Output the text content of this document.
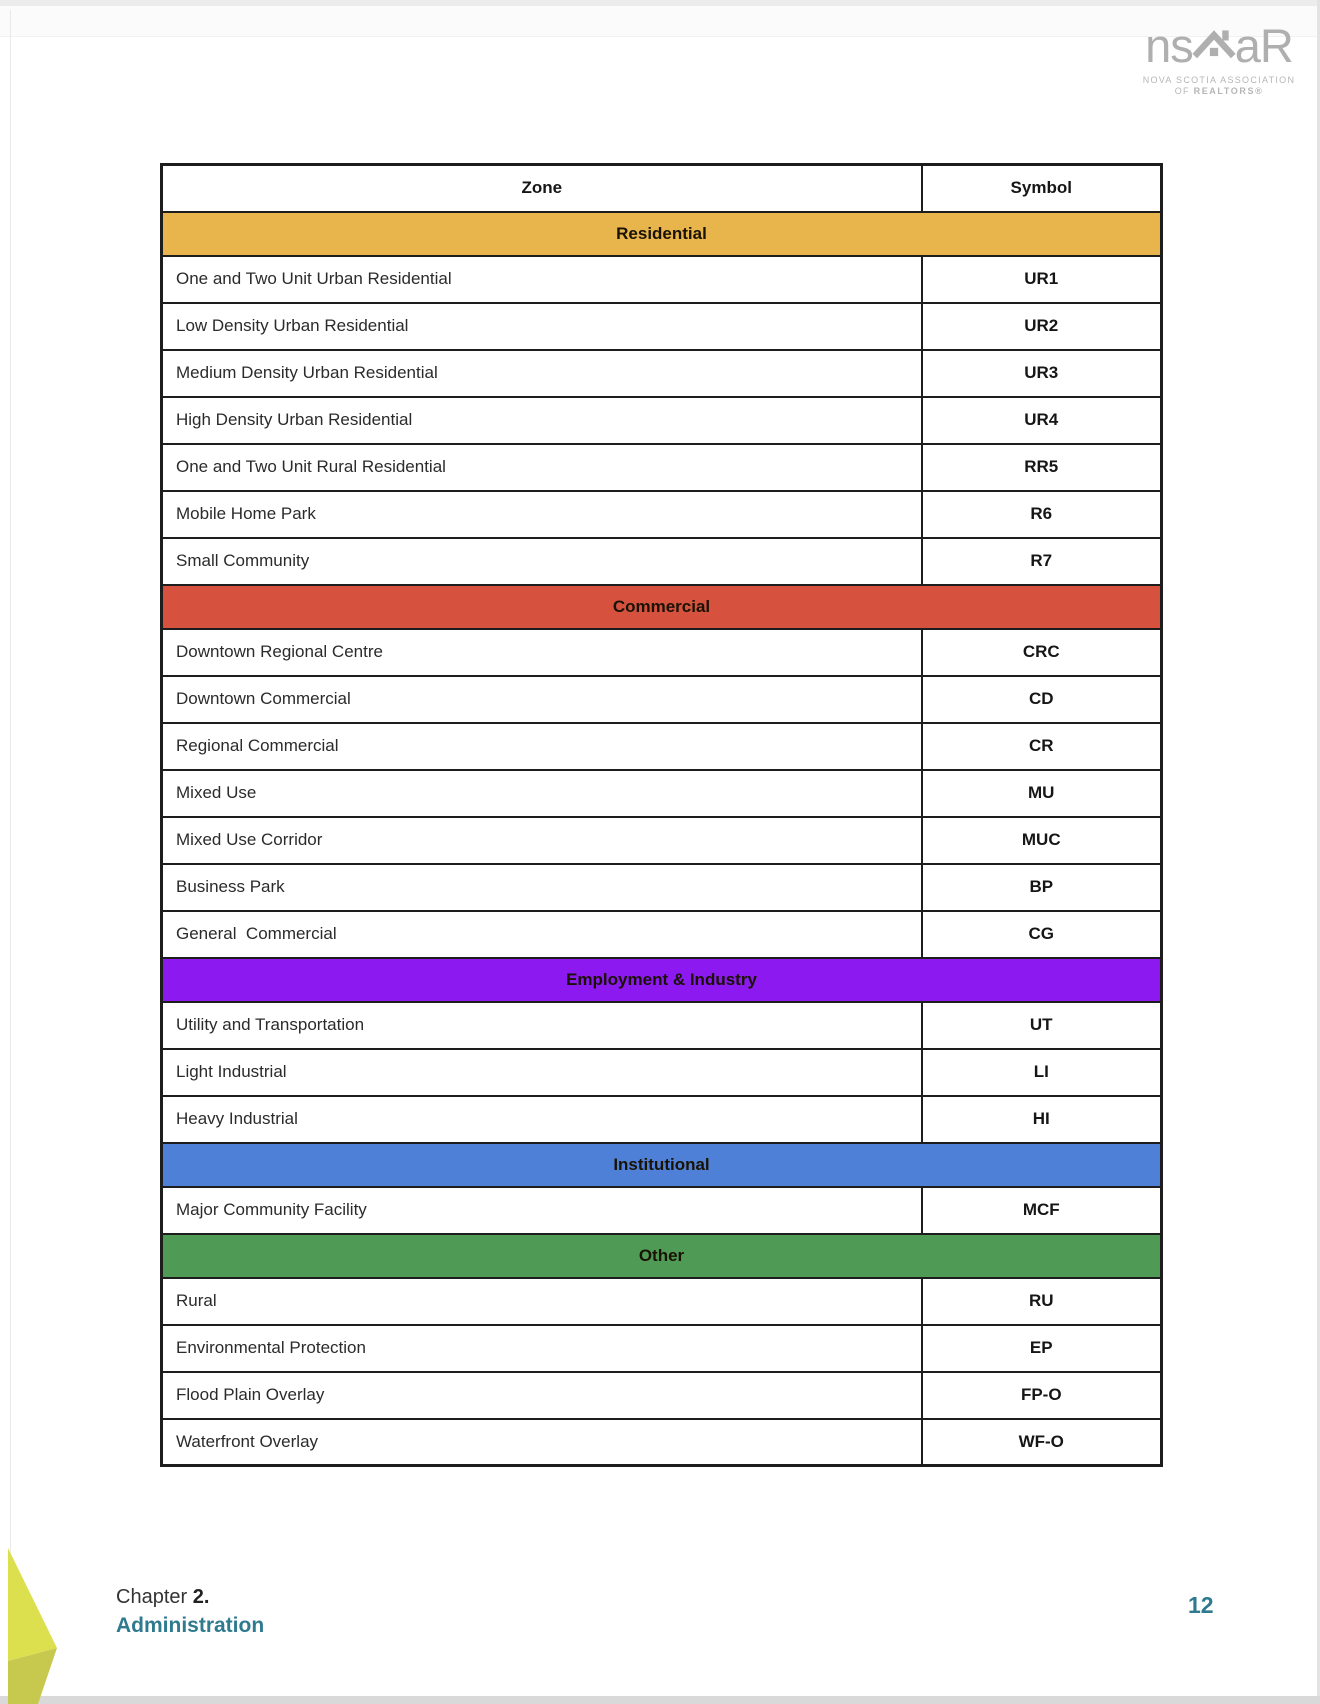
ns aR
NOVA SCOTIA ASSOCIATION
OF REALTORS®
Zone	Symbol
Residential	
One and Two Unit Urban Residential	UR1
Low Density Urban Residential	UR2
Medium Density Urban Residential	UR3
High Density Urban Residential	UR4
One and Two Unit Rural Residential	RR5
Mobile Home Park	R6
Small Community	R7
Commercial	
Downtown Regional Centre	CRC
Downtown Commercial	CD
Regional Commercial	CR
Mixed Use	MU
Mixed Use Corridor	MUC
Business Park	BP
General  Commercial	CG
Employment & Industry	
Utility and Transportation	UT
Light Industrial	LI
Heavy Industrial	HI
Institutional	
Major Community Facility	MCF
Other	
Rural	RU
Environmental Protection	EP
Flood Plain Overlay	FP-O
Waterfront Overlay	WF-O
Chapter 2.
Administration
12
